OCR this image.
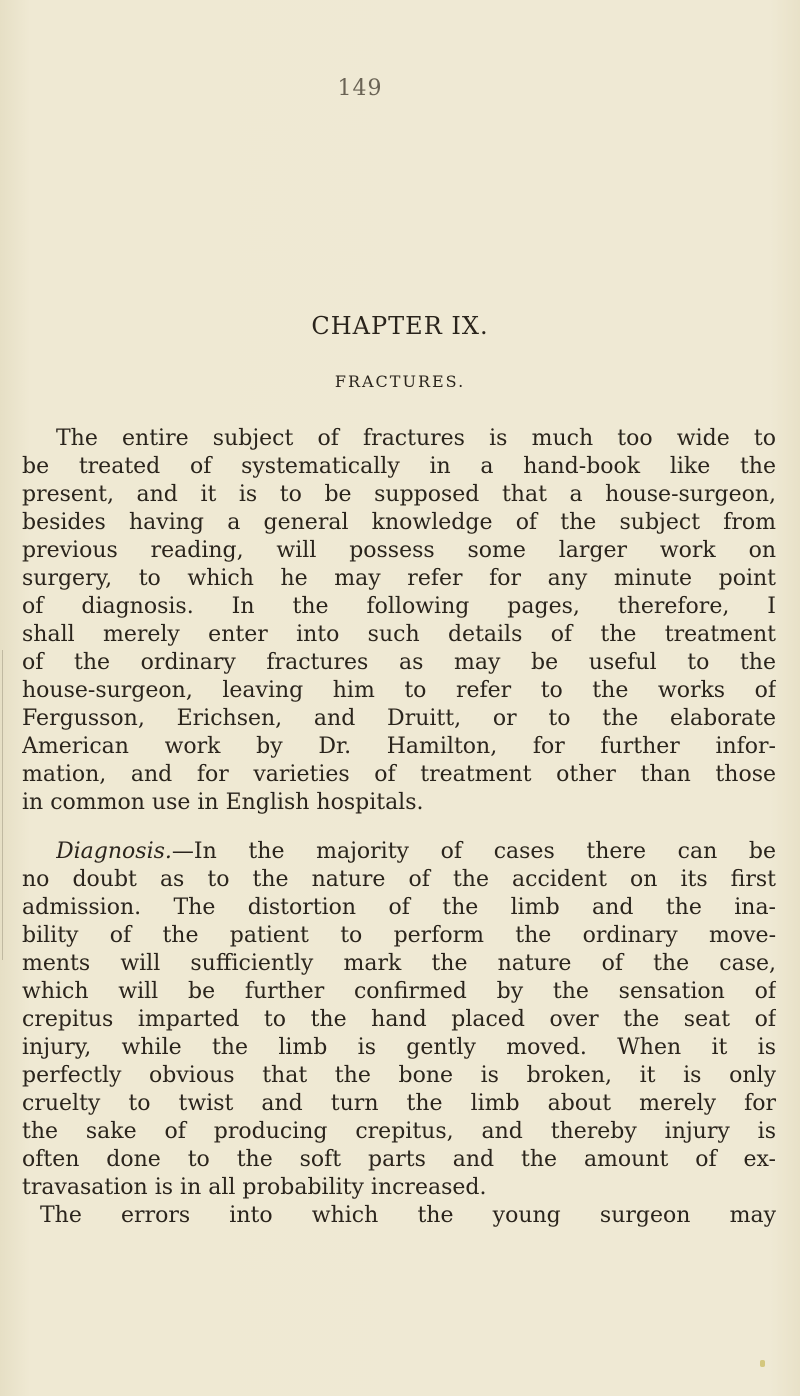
149
CHAPTER IX.
FRACTURES.
The entire subject of fractures is much too wide to
be treated of systematically in a hand-book like the
present, and it is to be supposed that a house-surgeon,
besides having a general knowledge of the subject from
previous reading, will possess some larger work on
surgery, to which he may refer for any minute point
of diagnosis. In the following pages, therefore, I
shall merely enter into such details of the treatment
of the ordinary fractures as may be useful to the
house-surgeon, leaving him to refer to the works of
Fergusson, Erichsen, and Druitt, or to the elaborate
American work by Dr. Hamilton, for further infor-
mation, and for varieties of treatment other than those
in common use in English hospitals.
Diagnosis.—In the majority of cases there can be
no doubt as to the nature of the accident on its first
admission. The distortion of the limb and the ina-
bility of the patient to perform the ordinary move-
ments will sufficiently mark the nature of the case,
which will be further confirmed by the sensation of
crepitus imparted to the hand placed over the seat of
injury, while the limb is gently moved. When it is
perfectly obvious that the bone is broken, it is only
cruelty to twist and turn the limb about merely for
the sake of producing crepitus, and thereby injury is
often done to the soft parts and the amount of ex-
travasation is in all probability increased.
The errors into which the young surgeon may
